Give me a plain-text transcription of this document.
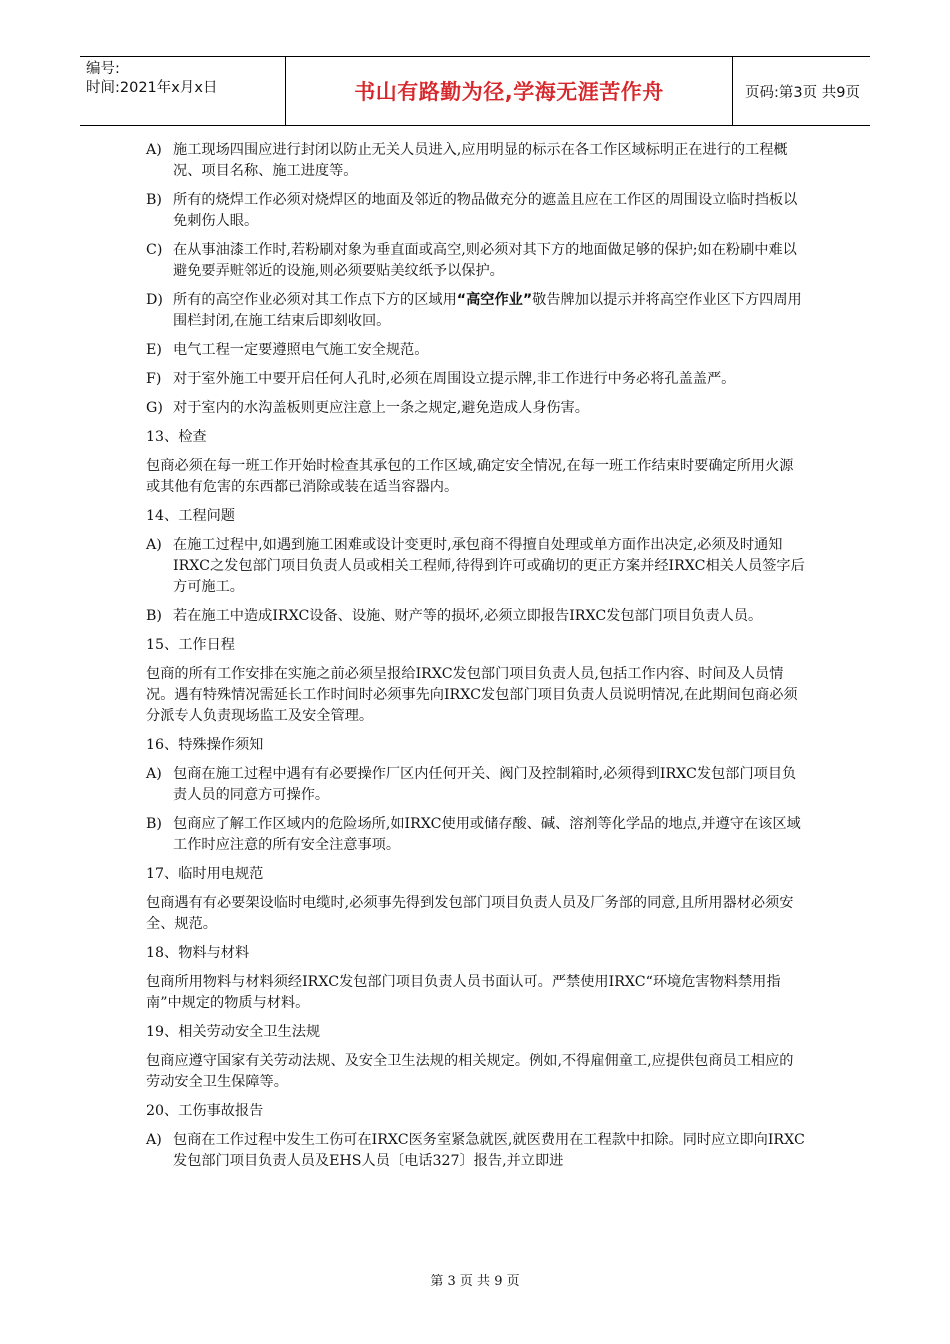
编号:
时间:2021年x月x日	书山有路勤为径,学海无涯苦作舟	页码:第3页 共9页
A) 施工现场四围应进行封闭以防止无关人员进入,应用明显的标示在各工作区域标明正在进行的工程概况、项目名称、施工进度等。
B) 所有的烧焊工作必须对烧焊区的地面及邻近的物品做充分的遮盖且应在工作区的周围设立临时挡板以免刺伤人眼。
C) 在从事油漆工作时,若粉刷对象为垂直面或高空,则必须对其下方的地面做足够的保护;如在粉刷中难以避免要弄赃邻近的设施,则必须要贴美纹纸予以保护。
D) 所有的高空作业必须对其工作点下方的区域用“高空作业”敬告牌加以提示并将高空作业区下方四周用围栏封闭,在施工结束后即刻收回。
E) 电气工程一定要遵照电气施工安全规范。
F) 对于室外施工中要开启任何人孔时,必须在周围设立提示牌,非工作进行中务必将孔盖盖严。
G) 对于室内的水沟盖板则更应注意上一条之规定,避免造成人身伤害。
13、检查
包商必须在每一班工作开始时检查其承包的工作区域,确定安全情况,在每一班工作结束时要确定所用火源或其他有危害的东西都已消除或装在适当容器内。
14、工程问题
A) 在施工过程中,如遇到施工困难或设计变更时,承包商不得擅自处理或单方面作出决定,必须及时通知IRXC之发包部门项目负责人员或相关工程师,待得到许可或确切的更正方案并经IRXC相关人员签字后方可施工。
B) 若在施工中造成IRXC设备、设施、财产等的损坏,必须立即报告IRXC发包部门项目负责人员。
15、工作日程
包商的所有工作安排在实施之前必须呈报给IRXC发包部门项目负责人员,包括工作内容、时间及人员情况。遇有特殊情况需延长工作时间时必须事先向IRXC发包部门项目负责人员说明情况,在此期间包商必须分派专人负责现场监工及安全管理。
16、特殊操作须知
A) 包商在施工过程中遇有有必要操作厂区内任何开关、阀门及控制箱时,必须得到IRXC发包部门项目负责人员的同意方可操作。
B) 包商应了解工作区域内的危险场所,如IRXC使用或储存酸、碱、溶剂等化学品的地点,并遵守在该区域工作时应注意的所有安全注意事项。
17、临时用电规范
包商遇有有必要架设临时电缆时,必须事先得到发包部门项目负责人员及厂务部的同意,且所用器材必须安全、规范。
18、物料与材料
包商所用物料与材料须经IRXC发包部门项目负责人员书面认可。严禁使用IRXC“环境危害物料禁用指南”中规定的物质与材料。
19、相关劳动安全卫生法规
包商应遵守国家有关劳动法规、及安全卫生法规的相关规定。例如,不得雇佣童工,应提供包商员工相应的劳动安全卫生保障等。
20、工伤事故报告
A) 包商在工作过程中发生工伤可在IRXC医务室紧急就医,就医费用在工程款中扣除。同时应立即向IRXC发包部门项目负责人员及EHS人员〔电话327〕报告,并立即进
第 3 页 共 9 页
